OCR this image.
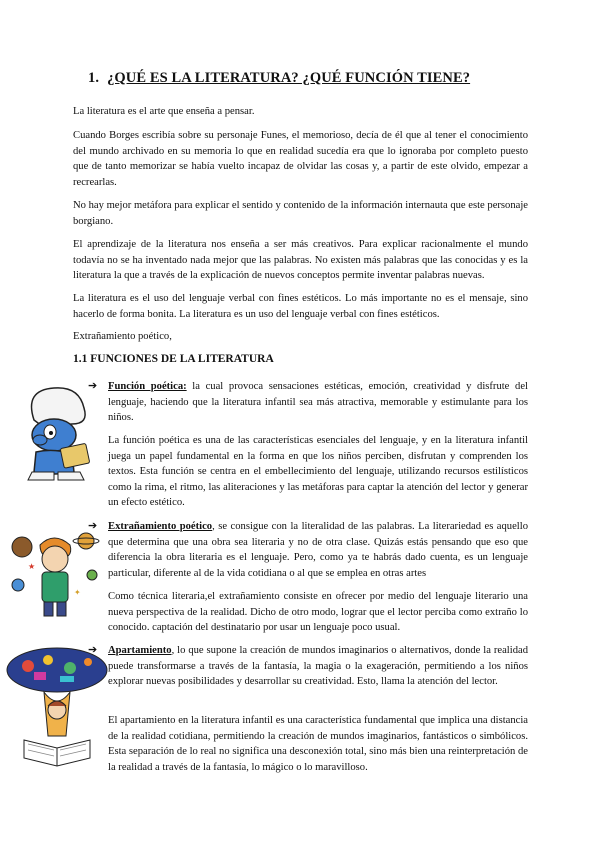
1. ¿QUÉ ES LA LITERATURA? ¿QUÉ FUNCIÓN TIENE?

La literatura es el arte que enseña a pensar.

Cuando Borges escribía sobre su personaje Funes, el memorioso, decía de él que al tener el conocimiento del mundo archivado en su memoria lo que en realidad sucedía era que lo ignoraba por completo puesto que de tanto memorizar se había vuelto incapaz de olvidar las cosas y, a partir de este olvido, empezar a recrearlas.

No hay mejor metáfora para explicar el sentido y contenido de la información internauta que este personaje borgiano.

El aprendizaje de la literatura nos enseña a ser más creativos. Para explicar racionalmente el mundo todavía no se ha inventado nada mejor que las palabras. No existen más palabras que las conocidas y es la literatura la que a través de la explicación de nuevos conceptos permite inventar palabras nuevas.

La literatura es el uso del lenguaje verbal con fines estéticos. Lo más importante no es el mensaje, sino hacerlo de forma bonita. La literatura es un uso del lenguaje verbal con fines estéticos.

Extrañamiento poético,

1.1 FUNCIONES DE LA LITERATURA
➔ Función poética: la cual provoca sensaciones estéticas, emoción, creatividad y disfrute del lenguaje, haciendo que la literatura infantil sea más atractiva, memorable y estimulante para los niños.

La función poética es una de las características esenciales del lenguaje, y en la literatura infantil juega un papel fundamental en la forma en que los niños perciben, disfrutan y comprenden los textos. Esta función se centra en el embellecimiento del lenguaje, utilizando recursos estilísticos como la rima, el ritmo, las aliteraciones y las metáforas para captar la atención del lector y generar un efecto estético.

➔ Extrañamiento poético, se consigue con la literalidad de las palabras. La literariedad es aquello que determina que una obra sea literaria y no de otra clase. Quizás estás pensando que eso que diferencia la obra literaria es el lenguaje. Pero, como ya te habrás dado cuenta, es un lenguaje particular, diferente al de la vida cotidiana o al que se emplea en otras artes

Como técnica literaria,el extrañamiento consiste en ofrecer por medio del lenguaje literario una nueva perspectiva de la realidad. Dicho de otro modo, lograr que el lector perciba como extraño lo conocido. captación del destinatario por usar un lenguaje poco usual.

➔ Apartamiento, lo que supone la creación de mundos imaginarios o alternativos, donde la realidad puede transformarse a través de la fantasía, la magia o la exageración, permitiendo a los niños explorar nuevas posibilidades y desarrollar su creatividad. Esto, llama la atención del lector.

El apartamiento en la literatura infantil es una característica fundamental que implica una distancia de la realidad cotidiana, permitiendo la creación de mundos imaginarios, fantásticos o simbólicos. Esta separación de lo real no significa una desconexión total, sino más bien una reinterpretación de la realidad a través de la fantasía, lo mágico o lo maravilloso.

★
✦
